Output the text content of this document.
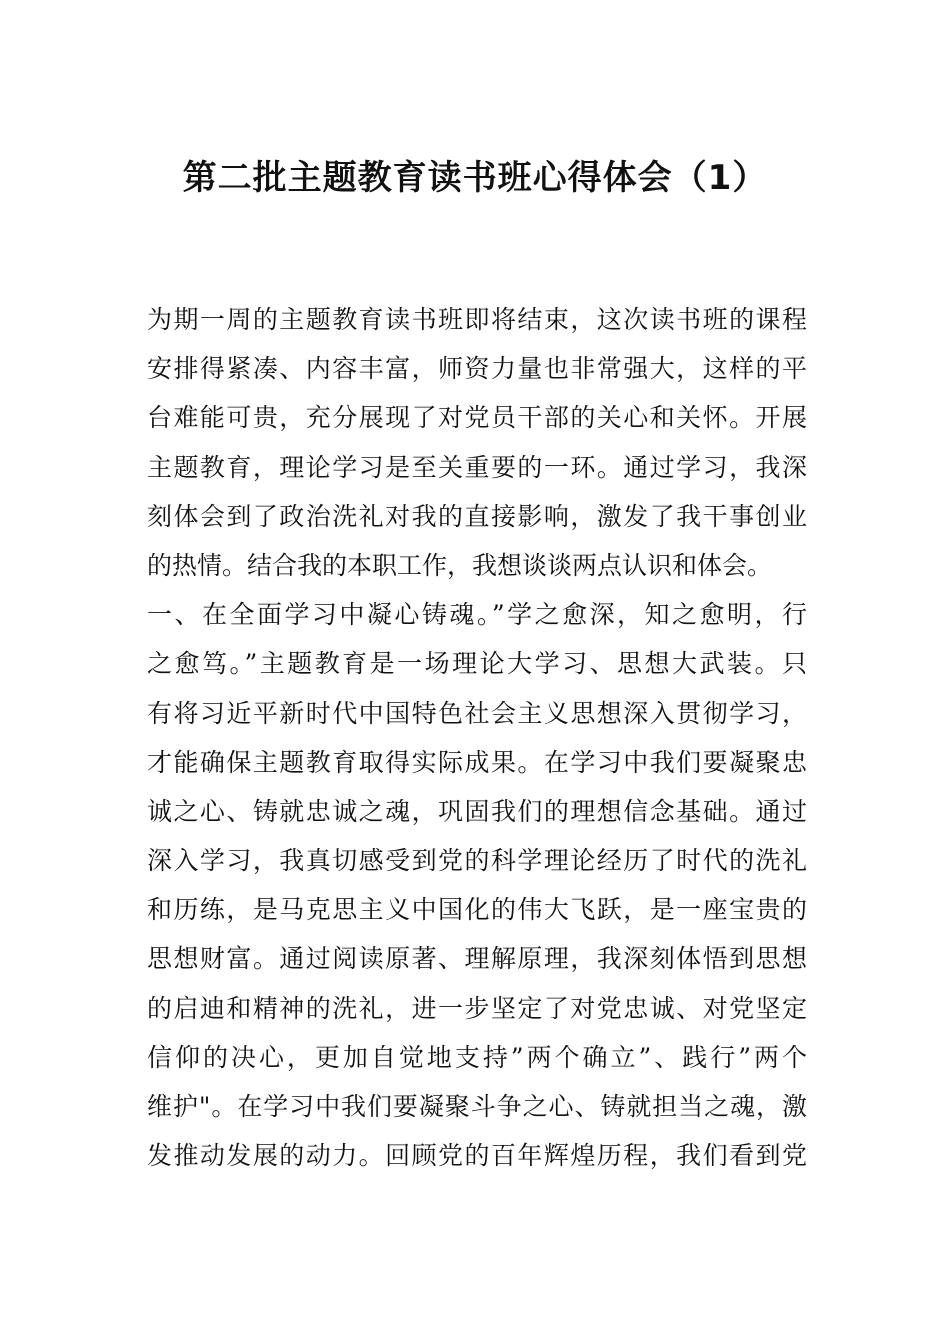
第二批主题教育读书班心得体会（1）
为期一周的主题教育读书班即将结束，这次读书班的课程
安排得紧凑、内容丰富，师资力量也非常强大，这样的平
台难能可贵，充分展现了对党员干部的关心和关怀。开展
主题教育，理论学习是至关重要的一环。通过学习，我深
刻体会到了政治洗礼对我的直接影响，激发了我干事创业
的热情。结合我的本职工作，我想谈谈两点认识和体会。
一、在全面学习中凝心铸魂。”学之愈深，知之愈明，行
之愈笃。”主题教育是一场理论大学习、思想大武装。只
有将习近平新时代中国特色社会主义思想深入贯彻学习，
才能确保主题教育取得实际成果。在学习中我们要凝聚忠
诚之心、铸就忠诚之魂，巩固我们的理想信念基础。通过
深入学习，我真切感受到党的科学理论经历了时代的洗礼
和历练，是马克思主义中国化的伟大飞跃，是一座宝贵的
思想财富。通过阅读原著、理解原理，我深刻体悟到思想
的启迪和精神的洗礼，进一步坚定了对党忠诚、对党坚定
信仰的决心，更加自觉地支持”两个确立”、践行”两个
维护"。在学习中我们要凝聚斗争之心、铸就担当之魂，激
发推动发展的动力。回顾党的百年辉煌历程，我们看到党
